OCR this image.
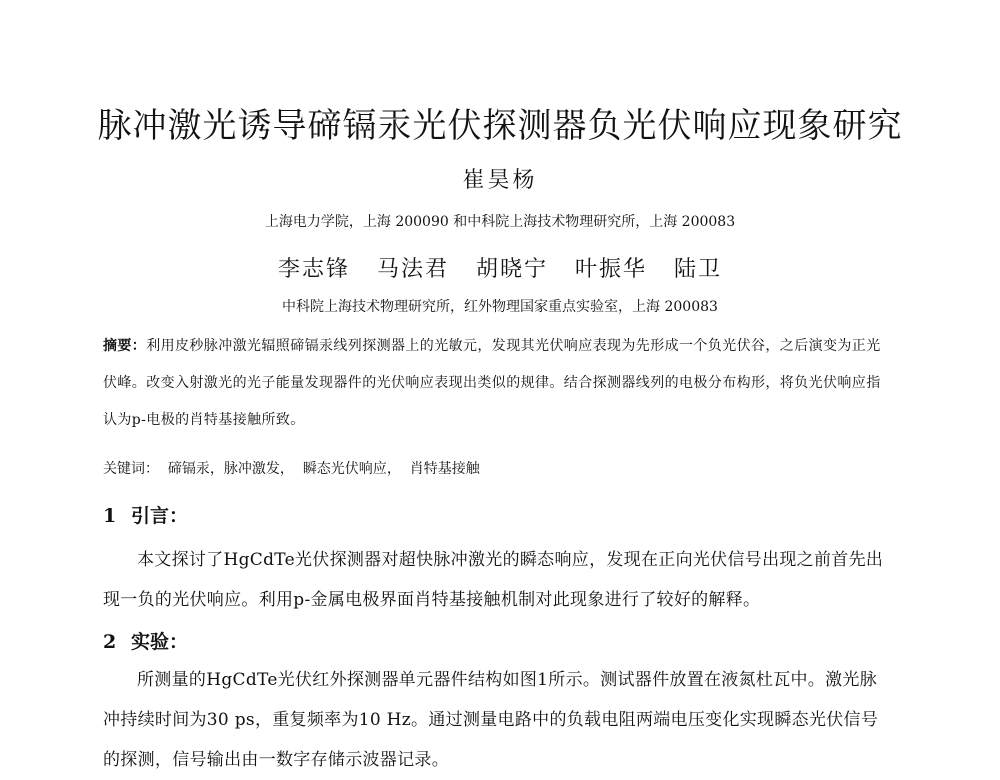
脉冲激光诱导碲镉汞光伏探测器负光伏响应现象研究
崔昊杨
上海电力学院，上海 200090 和中科院上海技术物理研究所，上海 200083
李志锋 马法君 胡晓宁 叶振华 陆卫
中科院上海技术物理研究所，红外物理国家重点实验室，上海 200083
摘要：利用皮秒脉冲激光辐照碲镉汞线列探测器上的光敏元，发现其光伏响应表现为先形成一个负光伏谷，之后演变为正光伏峰。改变入射激光的光子能量发现器件的光伏响应表现出类似的规律。结合探测器线列的电极分布构形，将负光伏响应指认为p-电极的肖特基接触所致。
关键词： 碲镉汞，脉冲激发，  瞬态光伏响应，  肖特基接触
1 引言：
本文探讨了HgCdTe光伏探测器对超快脉冲激光的瞬态响应，发现在正向光伏信号出现之前首先出现一负的光伏响应。利用p-金属电极界面肖特基接触机制对此现象进行了较好的解释。
2 实验：
所测量的HgCdTe光伏红外探测器单元器件结构如图1所示。测试器件放置在液氮杜瓦中。激光脉冲持续时间为30 ps，重复频率为10 Hz。通过测量电路中的负载电阻两端电压变化实现瞬态光伏信号的探测，信号输出由一数字存储示波器记录。
